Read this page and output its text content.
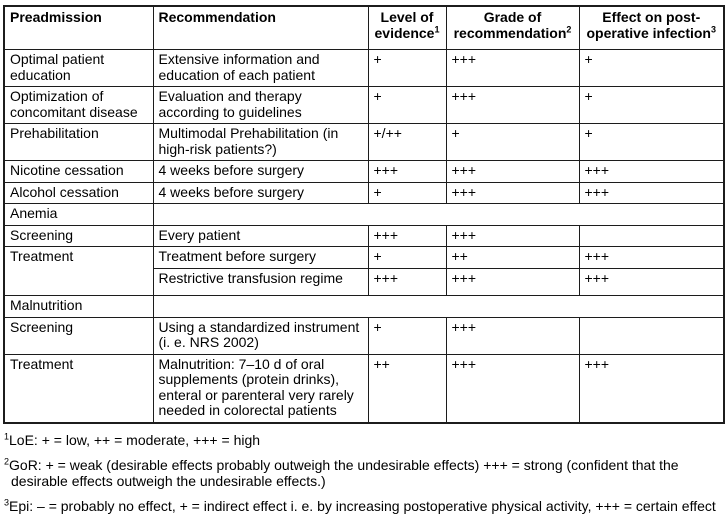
Preadmission	Recommendation	Level of evidence$^1$	Grade of recommendation$^2$	Effect on post-operative infection$^3$
Optimal patient education	Extensive information and education of each patient	+	+++	+
Optimization of concomitant disease	Evaluation and therapy according to guidelines	+	+++	+
Prehabilitation	Multimodal Prehabilitation (in high-risk patients?)	+/++	+	+
Nicotine cessation	4 weeks before surgery	+++	+++	+++
Alcohol cessation	4 weeks before surgery	+	+++	+++
Anemia				
Screening	Every patient	+++	+++	
Treatment	Treatment before surgery	+	++	+++
	Restrictive transfusion regime	+++	+++	+++
Malnutrition				
Screening	Using a standardized instrument (i. e. NRS 2002)	+	+++	
Treatment	Malnutrition: 7–10 d of oral supplements (protein drinks), enteral or parenteral very rarely needed in colorectal patients	++	+++	+++

$^1$LoE: + = low, ++ = moderate, +++ = high

$^2$GoR: + = weak (desirable effects probably outweigh the undesirable effects) +++ = strong (confident that the desirable effects outweigh the undesirable effects.)

$^3$Epi: – = probably no effect, + = indirect effect i. e. by increasing postoperative physical activity, +++ = certain effect
